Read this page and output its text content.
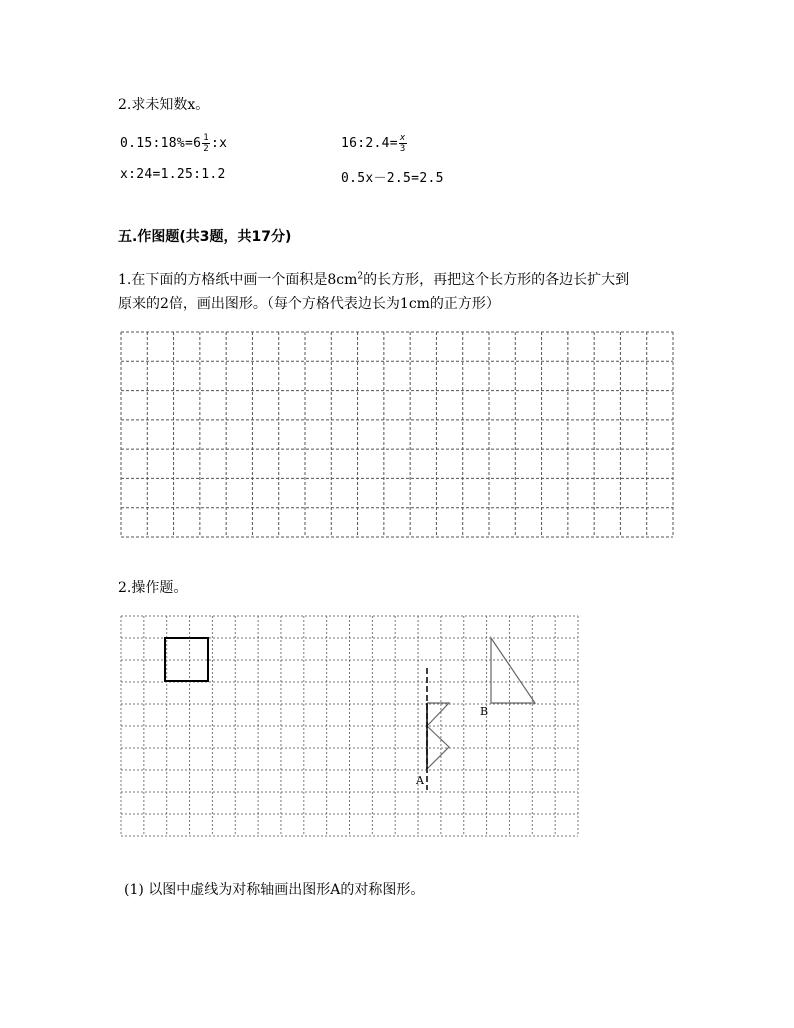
2.求未知数x。
0.15:18%=6 $\frac{1}{2}$ :x	16:2.4= $\frac{x}{3}$
x:24=1.25:1.2	0.5x－2.5=2.5
五.作图题(共3题，共17分)
1.在下面的方格纸中画一个面积是$8cm^2$的长方形，再把这个长方形的各边长扩大到
原来的2倍，画出图形。（每个方格代表边长为1cm的正方形）
2.操作题。
A
B
(1) 以图中虚线为对称轴画出图形A的对称图形。
